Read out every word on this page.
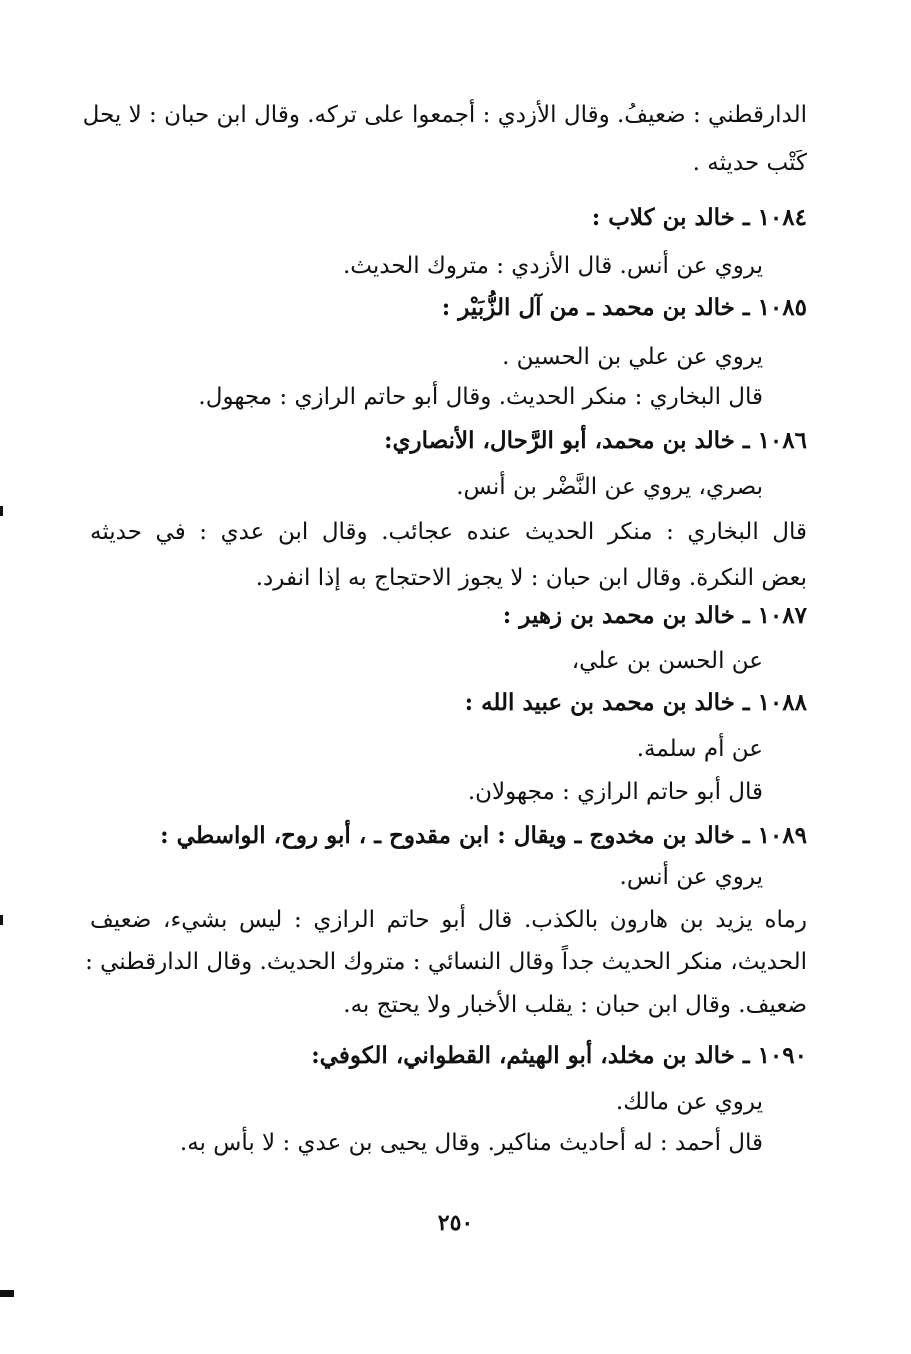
الدارقطني : ضعيفُ. وقال الأزدي : أجمعوا على تركه. وقال ابن حبان : لا يحل
كَتْب حديثه .
١٠٨٤ ـ خالد بن كلاب :
يروي عن أنس. قال الأزدي : متروك الحديث.
١٠٨٥ ـ خالد بن محمد ـ من آل الزُّبَيْر :
يروي عن علي بن الحسين .
قال البخاري : منكر الحديث. وقال أبو حاتم الرازي : مجهول.
١٠٨٦ ـ خالد بن محمد، أبو الرَّحال، الأنصاري:
بصري، يروي عن النَّضْر بن أنس.
قال البخاري : منكر الحديث عنده عجائب. وقال ابن عدي : في حديثه
بعض النكرة. وقال ابن حبان : لا يجوز الاحتجاج به إذا انفرد.
١٠٨٧ ـ خالد بن محمد بن زهير :
عن الحسن بن علي،
١٠٨٨ ـ خالد بن محمد بن عبيد الله :
عن أم سلمة.
قال أبو حاتم الرازي : مجهولان.
١٠٨٩ ـ خالد بن مخدوج ـ ويقال : ابن مقدوح ـ ، أبو روح، الواسطي :
يروي عن أنس.
رماه يزيد بن هارون بالكذب. قال أبو حاتم الرازي : ليس بشيء، ضعيف
الحديث، منكر الحديث جداً وقال النسائي : متروك الحديث. وقال الدارقطني :
ضعيف. وقال ابن حبان : يقلب الأخبار ولا يحتج به.
١٠٩٠ ـ خالد بن مخلد، أبو الهيثم، القطواني، الكوفي:
يروي عن مالك.
قال أحمد : له أحاديث مناكير. وقال يحيى بن عدي : لا بأس به.
٢٥٠
